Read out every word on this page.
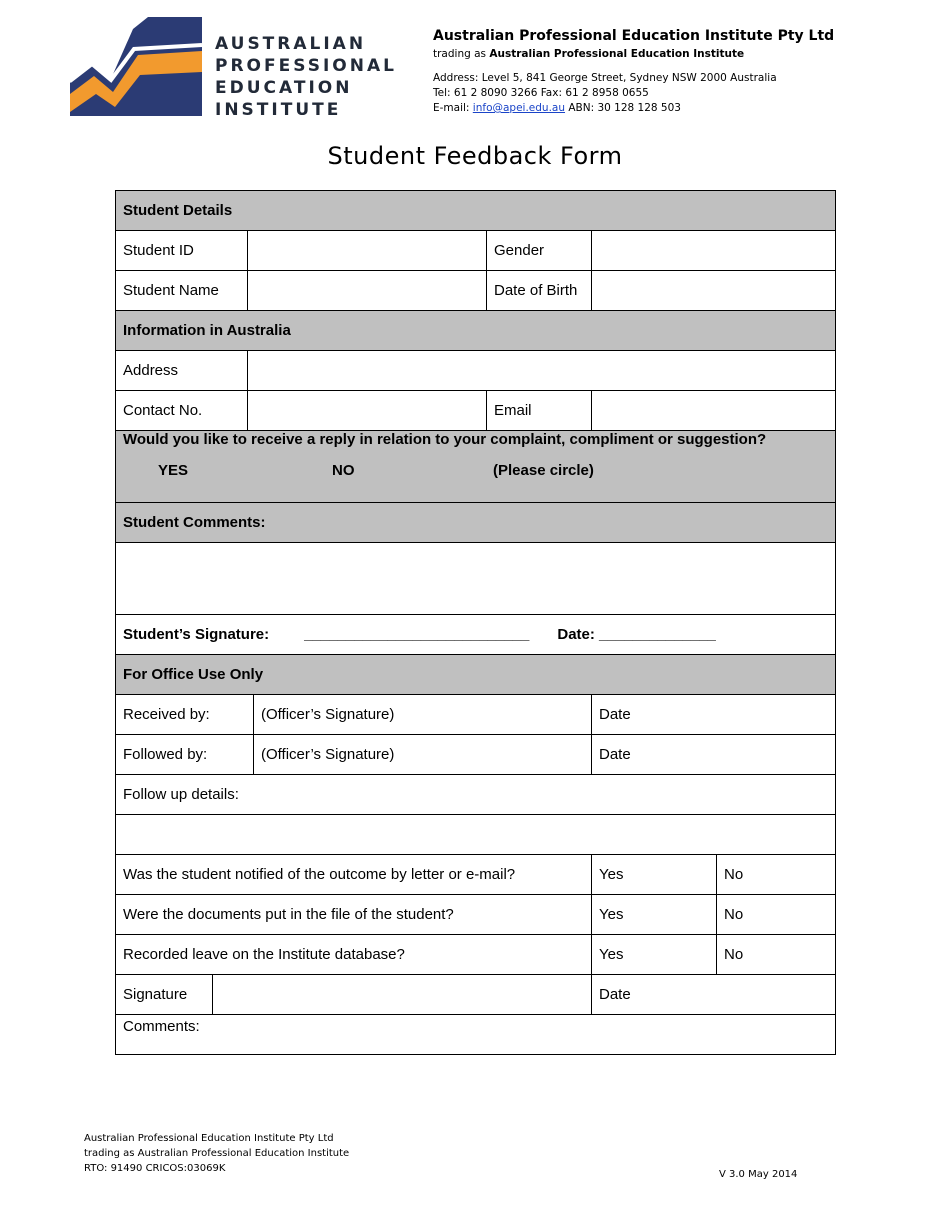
AUSTRALIAN
PROFESSIONAL
EDUCATION
INSTITUTE
Australian Professional Education Institute Pty Ltd
trading as Australian Professional Education Institute
Address: Level 5, 841 George Street, Sydney NSW 2000 Australia
Tel: 61 2 8090 3266 Fax: 61 2 8958 0655
E-mail: info@apei.edu.au ABN: 30 128 128 503
Student Feedback Form
Student Details
Student ID	Gender
Student Name	Date of Birth
Information in Australia
Address
Contact No.	Email
Would you like to receive a reply in relation to your complaint, compliment or suggestion?
YES	NO	(Please circle)
Student Comments:
Student’s Signature: ___________________________ Date: ______________
For Office Use Only
Received by:	(Officer’s Signature)	Date
Followed by:	(Officer’s Signature)	Date
Follow up details:
Was the student notified of the outcome by letter or e-mail?	Yes	No
Were the documents put in the file of the student?	Yes	No
Recorded leave on the Institute database?	Yes	No
Signature	Date
Comments:
Australian Professional Education Institute Pty Ltd
trading as Australian Professional Education Institute
RTO: 91490 CRICOS:03069K
V 3.0 May 2014
